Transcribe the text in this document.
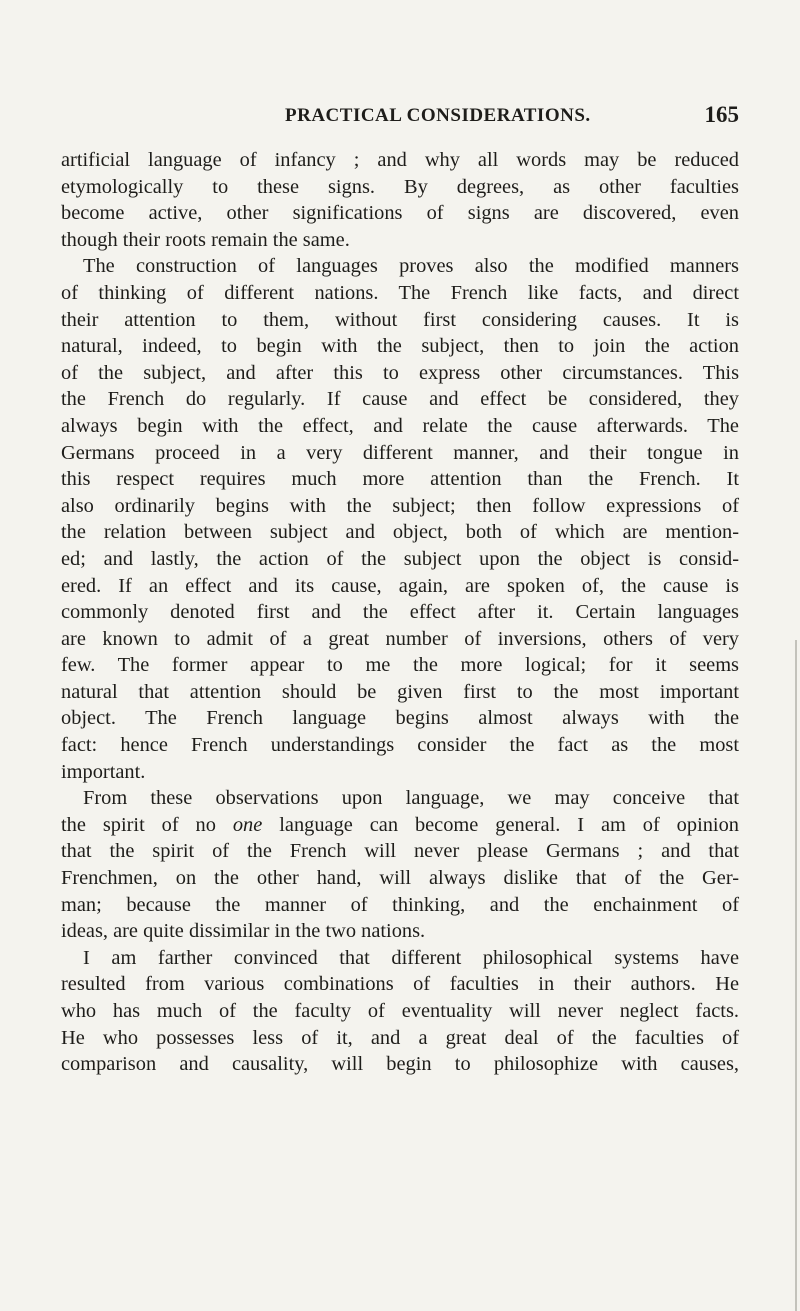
PRACTICAL CONSIDERATIONS.	165
artificial language of infancy ; and why all words may be reduced
etymologically to these signs. By degrees, as other faculties
become active, other significations of signs are discovered, even
though their roots remain the same.
The construction of languages proves also the modified manners
of thinking of different nations. The French like facts, and direct
their attention to them, without first considering causes. It is
natural, indeed, to begin with the subject, then to join the action
of the subject, and after this to express other circumstances. This
the French do regularly. If cause and effect be considered, they
always begin with the effect, and relate the cause afterwards. The
Germans proceed in a very different manner, and their tongue in
this respect requires much more attention than the French. It
also ordinarily begins with the subject; then follow expressions of
the relation between subject and object, both of which are mention-
ed; and lastly, the action of the subject upon the object is consid-
ered. If an effect and its cause, again, are spoken of, the cause is
commonly denoted first and the effect after it. Certain languages
are known to admit of a great number of inversions, others of very
few. The former appear to me the more logical; for it seems
natural that attention should be given first to the most important
object. The French language begins almost always with the
fact: hence French understandings consider the fact as the most
important.
From these observations upon language, we may conceive that
the spirit of no one language can become general. I am of opinion
that the spirit of the French will never please Germans ; and that
Frenchmen, on the other hand, will always dislike that of the Ger-
man; because the manner of thinking, and the enchainment of
ideas, are quite dissimilar in the two nations.
I am farther convinced that different philosophical systems have
resulted from various combinations of faculties in their authors. He
who has much of the faculty of eventuality will never neglect facts.
He who possesses less of it, and a great deal of the faculties of
comparison and causality, will begin to philosophize with causes,
